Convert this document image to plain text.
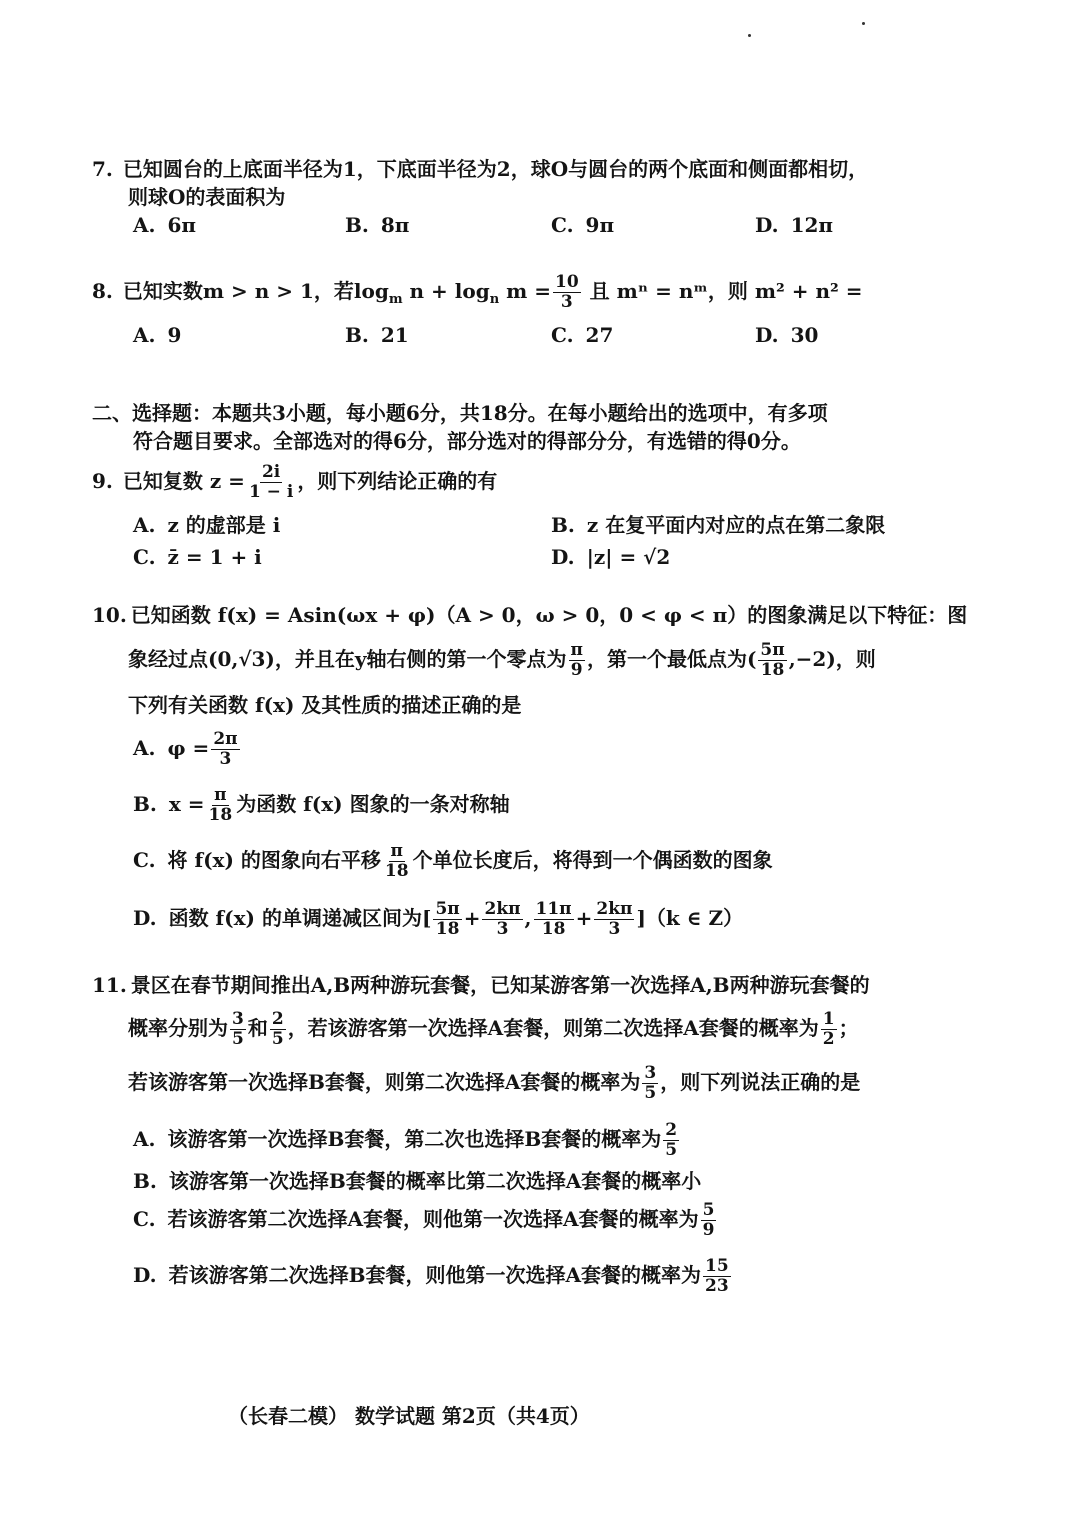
7. 已知圆台的上底面半径为1，下底面半径为2，球O与圆台的两个底面和侧面都相切，
则球O的表面积为
A. 6π	B. 8π	C. 9π	D. 12π
8. 已知实数m > n > 1，若$\log_m n + \log_n m = \frac{10}{3}$ 且 mⁿ = nᵐ，则 m² + n² =
A. 9	B. 21	C. 27	D. 30
二、选择题：本题共3小题，每小题6分，共18分。在每小题给出的选项中，有多项
符合题目要求。全部选对的得6分，部分选对的得部分分，有选错的得0分。
9. 已知复数 $z = \frac{2i}{1 - i}$ ，则下列结论正确的有
A. z 的虚部是 i	B. z 在复平面内对应的点在第二象限
C. z̄ = 1 + i	D. |z| = √2
10. 已知函数 f(x) = Asin(ωx + φ)（A > 0，ω > 0，0 < φ < π）的图象满足以下特征：图
象经过点(0,√3)，并且在y轴右侧的第一个零点为 $\frac{\pi}{9}$ ，第一个最低点为( $\frac{5\pi}{18} ,-2$)，则
下列有关函数 f(x) 及其性质的描述正确的是
A. $\varphi = \frac{2\pi}{3}$
B. $x = \frac{\pi}{18}$ 为函数 f(x) 图象的一条对称轴
C. 将 f(x) 的图象向右平移 $\frac{\pi}{18}$ 个单位长度后，将得到一个偶函数的图象
D. 函数 f(x) 的单调递减区间为[ $\frac{5\pi}{18} + \frac{2k\pi}{3}$ , $\frac{11\pi}{18} + \frac{2k\pi}{3} ](k$ ∈ Z）
11. 景区在春节期间推出A,B两种游玩套餐，已知某游客第一次选择A,B两种游玩套餐的
概率分别为 $\frac{3}{5}$ 和 $\frac{2}{5}$ ，若该游客第一次选择A套餐，则第二次选择A套餐的概率为 $\frac{1}{2}$ ；
若该游客第一次选择B套餐，则第二次选择A套餐的概率为 $\frac{3}{5}$ ，则下列说法正确的是
A. 该游客第一次选择B套餐，第二次也选择B套餐的概率为 $\frac{2}{5}$
B. 该游客第一次选择B套餐的概率比第二次选择A套餐的概率小
C. 若该游客第二次选择A套餐，则他第一次选择A套餐的概率为 $\frac{5}{9}$
D. 若该游客第二次选择B套餐，则他第一次选择A套餐的概率为 $\frac{15}{23}$
（长春二模） 数学试题 第2页（共4页）
